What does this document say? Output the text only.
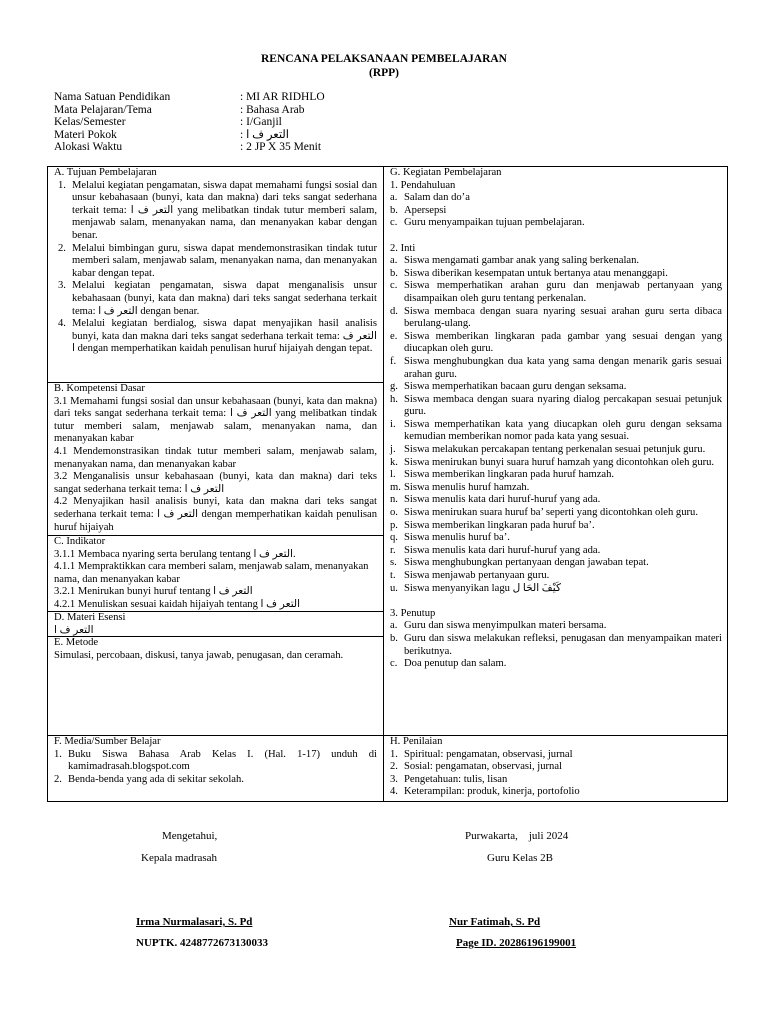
RENCANA PELAKSANAAN PEMBELAJARAN
(RPP)
Nama Satuan Pendidikan	: MI AR RIDHLO
Mata Pelajaran/Tema	: Bahasa Arab
Kelas/Semester	: I/Ganjil
Materi Pokok	: التعر ف ا
Alokasi Waktu	: 2 JP X 35 Menit
A. Tujuan Pembelajaran
1. Melalui kegiatan pengamatan, siswa dapat memahami fungsi sosial dan unsur kebahasaan (bunyi, kata dan makna) dari teks sangat sederhana terkait tema: التعر ف ا yang melibatkan tindak tutur memberi salam, menjawab salam, menanyakan nama, dan menanyakan kabar dengan benar.
2. Melalui bimbingan guru, siswa dapat mendemonstrasikan tindak tutur memberi salam, menjawab salam, menanyakan nama, dan menanyakan kabar dengan tepat.
3. Melalui kegiatan pengamatan, siswa dapat menganalisis unsur kebahasaan (bunyi, kata dan makna) dari teks sangat sederhana terkait tema: التعر ف ا dengan benar.
4. Melalui kegiatan berdialog, siswa dapat menyajikan hasil analisis bunyi, kata dan makna dari teks sangat sederhana terkait tema: التعر ف ا dengan memperhatikan kaidah penulisan huruf hijaiyah dengan tepat.
B. Kompetensi Dasar
3.1 Memahami fungsi sosial dan unsur kebahasaan (bunyi, kata dan makna) dari teks sangat sederhana terkait tema: التعر ف ا yang melibatkan tindak tutur memberi salam, menjawab salam, menanyakan nama, dan menanyakan kabar
4.1 Mendemonstrasikan tindak tutur memberi salam, menjawab salam, menanyakan nama, dan menanyakan kabar
3.2 Menganalisis unsur kebahasaan (bunyi, kata dan makna) dari teks sangat sederhana terkait tema: التعر ف ا
4.2 Menyajikan hasil analisis bunyi, kata dan makna dari teks sangat sederhana terkait tema: التعر ف ا dengan memperhatikan kaidah penulisan huruf hijaiyah
C. Indikator
3.1.1 Membaca nyaring serta berulang tentang التعر ف ا.
4.1.1 Mempraktikkan cara memberi salam, menjawab salam, menanyakan nama, dan menanyakan kabar
3.2.1 Menirukan bunyi huruf tentang التعر ف ا
4.2.1 Menuliskan sesuai kaidah hijaiyah tentang التعر ف ا
D. Materi Esensi
التعر ف ا
E. Metode
Simulasi, percobaan, diskusi, tanya jawab, penugasan, dan ceramah.
F. Media/Sumber Belajar
1. Buku Siswa Bahasa Arab Kelas I. (Hal. 1-17) unduh di kamimadrasah.blogspot.com
2. Benda-benda yang ada di sekitar sekolah.
G. Kegiatan Pembelajaran
1. Pendahuluan
a. Salam dan do’a
b. Apersepsi
c. Guru menyampaikan tujuan pembelajaran.
2. Inti
a. Siswa mengamati gambar anak yang saling berkenalan.
b. Siswa diberikan kesempatan untuk bertanya atau menanggapi.
c. Siswa memperhatikan arahan guru dan menjawab pertanyaan yang disampaikan oleh guru tentang perkenalan.
d. Siswa membaca dengan suara nyaring sesuai arahan guru serta dibaca berulang-ulang.
e. Siswa memberikan lingkaran pada gambar yang sesuai dengan yang diucapkan oleh guru.
f. Siswa menghubungkan dua kata yang sama dengan menarik garis sesuai arahan guru.
g. Siswa memperhatikan bacaan guru dengan seksama.
h. Siswa membaca dengan suara nyaring dialog percakapan sesuai petunjuk guru.
i. Siswa memperhatikan kata yang diucapkan oleh guru dengan seksama kemudian memberikan nomor pada kata yang sesuai.
j. Siswa melakukan percakapan tentang perkenalan sesuai petunjuk guru.
k. Siswa menirukan bunyi suara huruf hamzah yang dicontohkan oleh guru.
l. Siswa memberikan lingkaran pada huruf hamzah.
m. Siswa menulis huruf hamzah.
n. Siswa menulis kata dari huruf-huruf yang ada.
o. Siswa menirukan suara huruf ba’ seperti yang dicontohkan oleh guru.
p. Siswa memberikan lingkaran pada huruf ba’.
q. Siswa menulis huruf ba’.
r. Siswa menulis kata dari huruf-huruf yang ada.
s. Siswa menghubungkan pertanyaan dengan jawaban tepat.
t. Siswa menjawab pertanyaan guru.
u. Siswa menyanyikan lagu كَيْفَ الحَا ل
3. Penutup
a. Guru dan siswa menyimpulkan materi bersama.
b. Guru dan siswa melakukan refleksi, penugasan dan menyampaikan materi berikutnya.
c. Doa penutup dan salam.
H. Penilaian
1. Spiritual: pengamatan, observasi, jurnal
2. Sosial: pengamatan, observasi, jurnal
3. Pengetahuan: tulis, lisan
4. Keterampilan: produk, kinerja, portofolio
Mengetahui,
Kepala madrasah
Irma Nurmalasari, S. Pd
NUPTK. 4248772673130033
Purwakarta,    juli 2024
Guru Kelas 2B
Nur Fatimah, S. Pd
Page ID. 20286196199001
